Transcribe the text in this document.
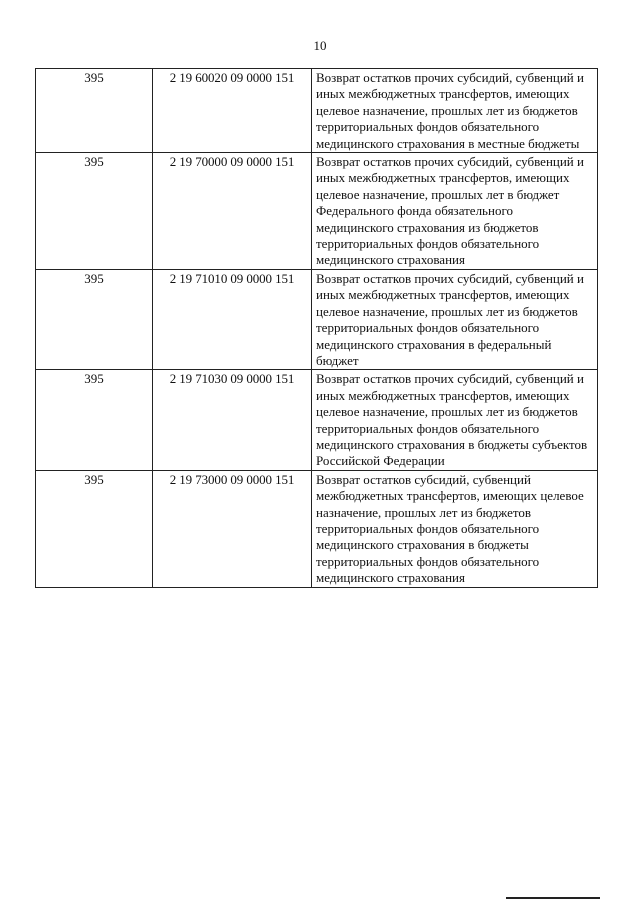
10
395	2 19 60020 09 0000 151	Возврат остатков прочих субсидий, субвенций и иных межбюджетных трансфертов, имеющих целевое назначение, прошлых лет из бюджетов территориальных фондов обязательного медицинского страхования в местные бюджеты
395	2 19 70000 09 0000 151	Возврат остатков прочих субсидий, субвенций и иных межбюджетных трансфертов, имеющих целевое назначение, прошлых лет в бюджет Федерального фонда обязательного медицинского страхования из бюджетов территориальных фондов обязательного медицинского страхования
395	2 19 71010 09 0000 151	Возврат остатков прочих субсидий, субвенций и иных межбюджетных трансфертов, имеющих целевое назначение, прошлых лет из бюджетов территориальных фондов обязательного медицинского страхования в федеральный бюджет
395	2 19 71030 09 0000 151	Возврат остатков прочих субсидий, субвенций и иных межбюджетных трансфертов, имеющих целевое назначение, прошлых лет из бюджетов территориальных фондов обязательного медицинского страхования в бюджеты субъектов Российской Федерации
395	2 19 73000 09 0000 151	Возврат остатков субсидий, субвенций межбюджетных трансфертов, имеющих целевое назначение, прошлых лет из бюджетов территориальных фондов обязательного медицинского страхования в бюджеты территориальных фондов обязательного медицинского страхования
